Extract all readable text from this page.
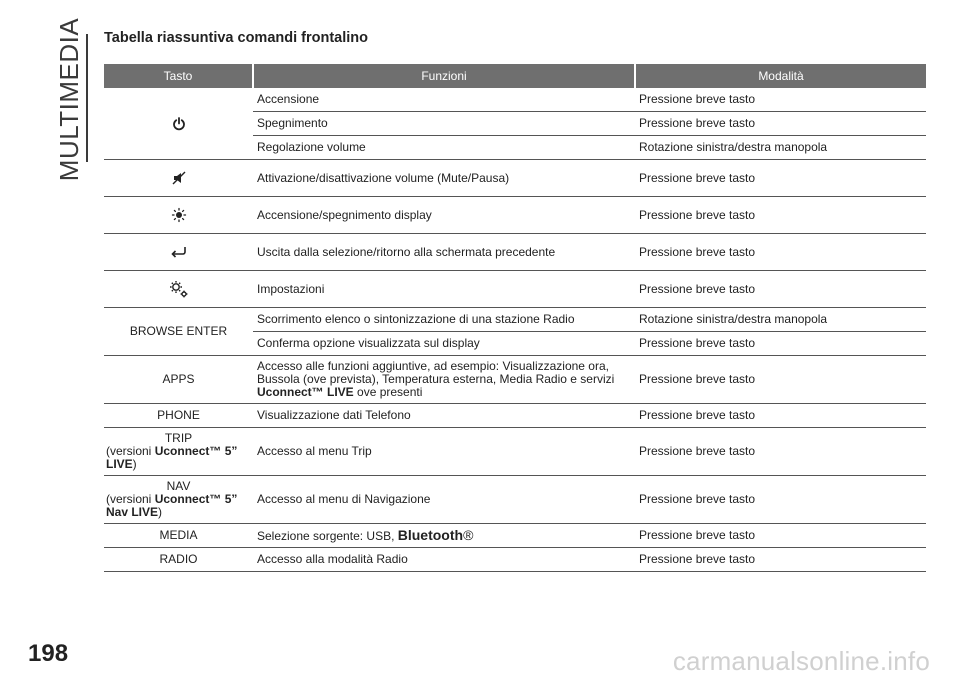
MULTIMEDIA Tabella riassuntiva comandi frontalino
Tasto	Funzioni	Modalità

	Accensione	Pressione breve tasto
	Spegnimento	Pressione breve tasto
	Regolazione volume	Rotazione sinistra/destra manopola

	Attivazione/disattivazione volume (Mute/Pausa)	Pressione breve tasto

	Accensione/spegnimento display	Pressione breve tasto

	Uscita dalla selezione/ritorno alla schermata precedente	Pressione breve tasto

	Impostazioni	Pressione breve tasto
BROWSE ENTER	Scorrimento elenco o sintonizzazione di una stazione Radio	Rotazione sinistra/destra manopola
	Conferma opzione visualizzata sul display	Pressione breve tasto
APPS	Accesso alle funzioni aggiuntive, ad esempio: Visualizzazione ora,
Bussola (ove prevista), Temperatura esterna, Media Radio e servizi
Uconnect™ LIVE ove presenti	Pressione breve tasto
PHONE	Visualizzazione dati Telefono	Pressione breve tasto

TRIP
(versioni Uconnect™ 5”
LIVE)	Accesso al menu Trip	Pressione breve tasto

NAV
(versioni Uconnect™ 5”
Nav LIVE)	Accesso al menu di Navigazione	Pressione breve tasto
MEDIA	Selezione sorgente: USB, Bluetooth®	Pressione breve tasto
RADIO	Accesso alla modalità Radio	Pressione breve tasto
198	carmanualsonline.info
